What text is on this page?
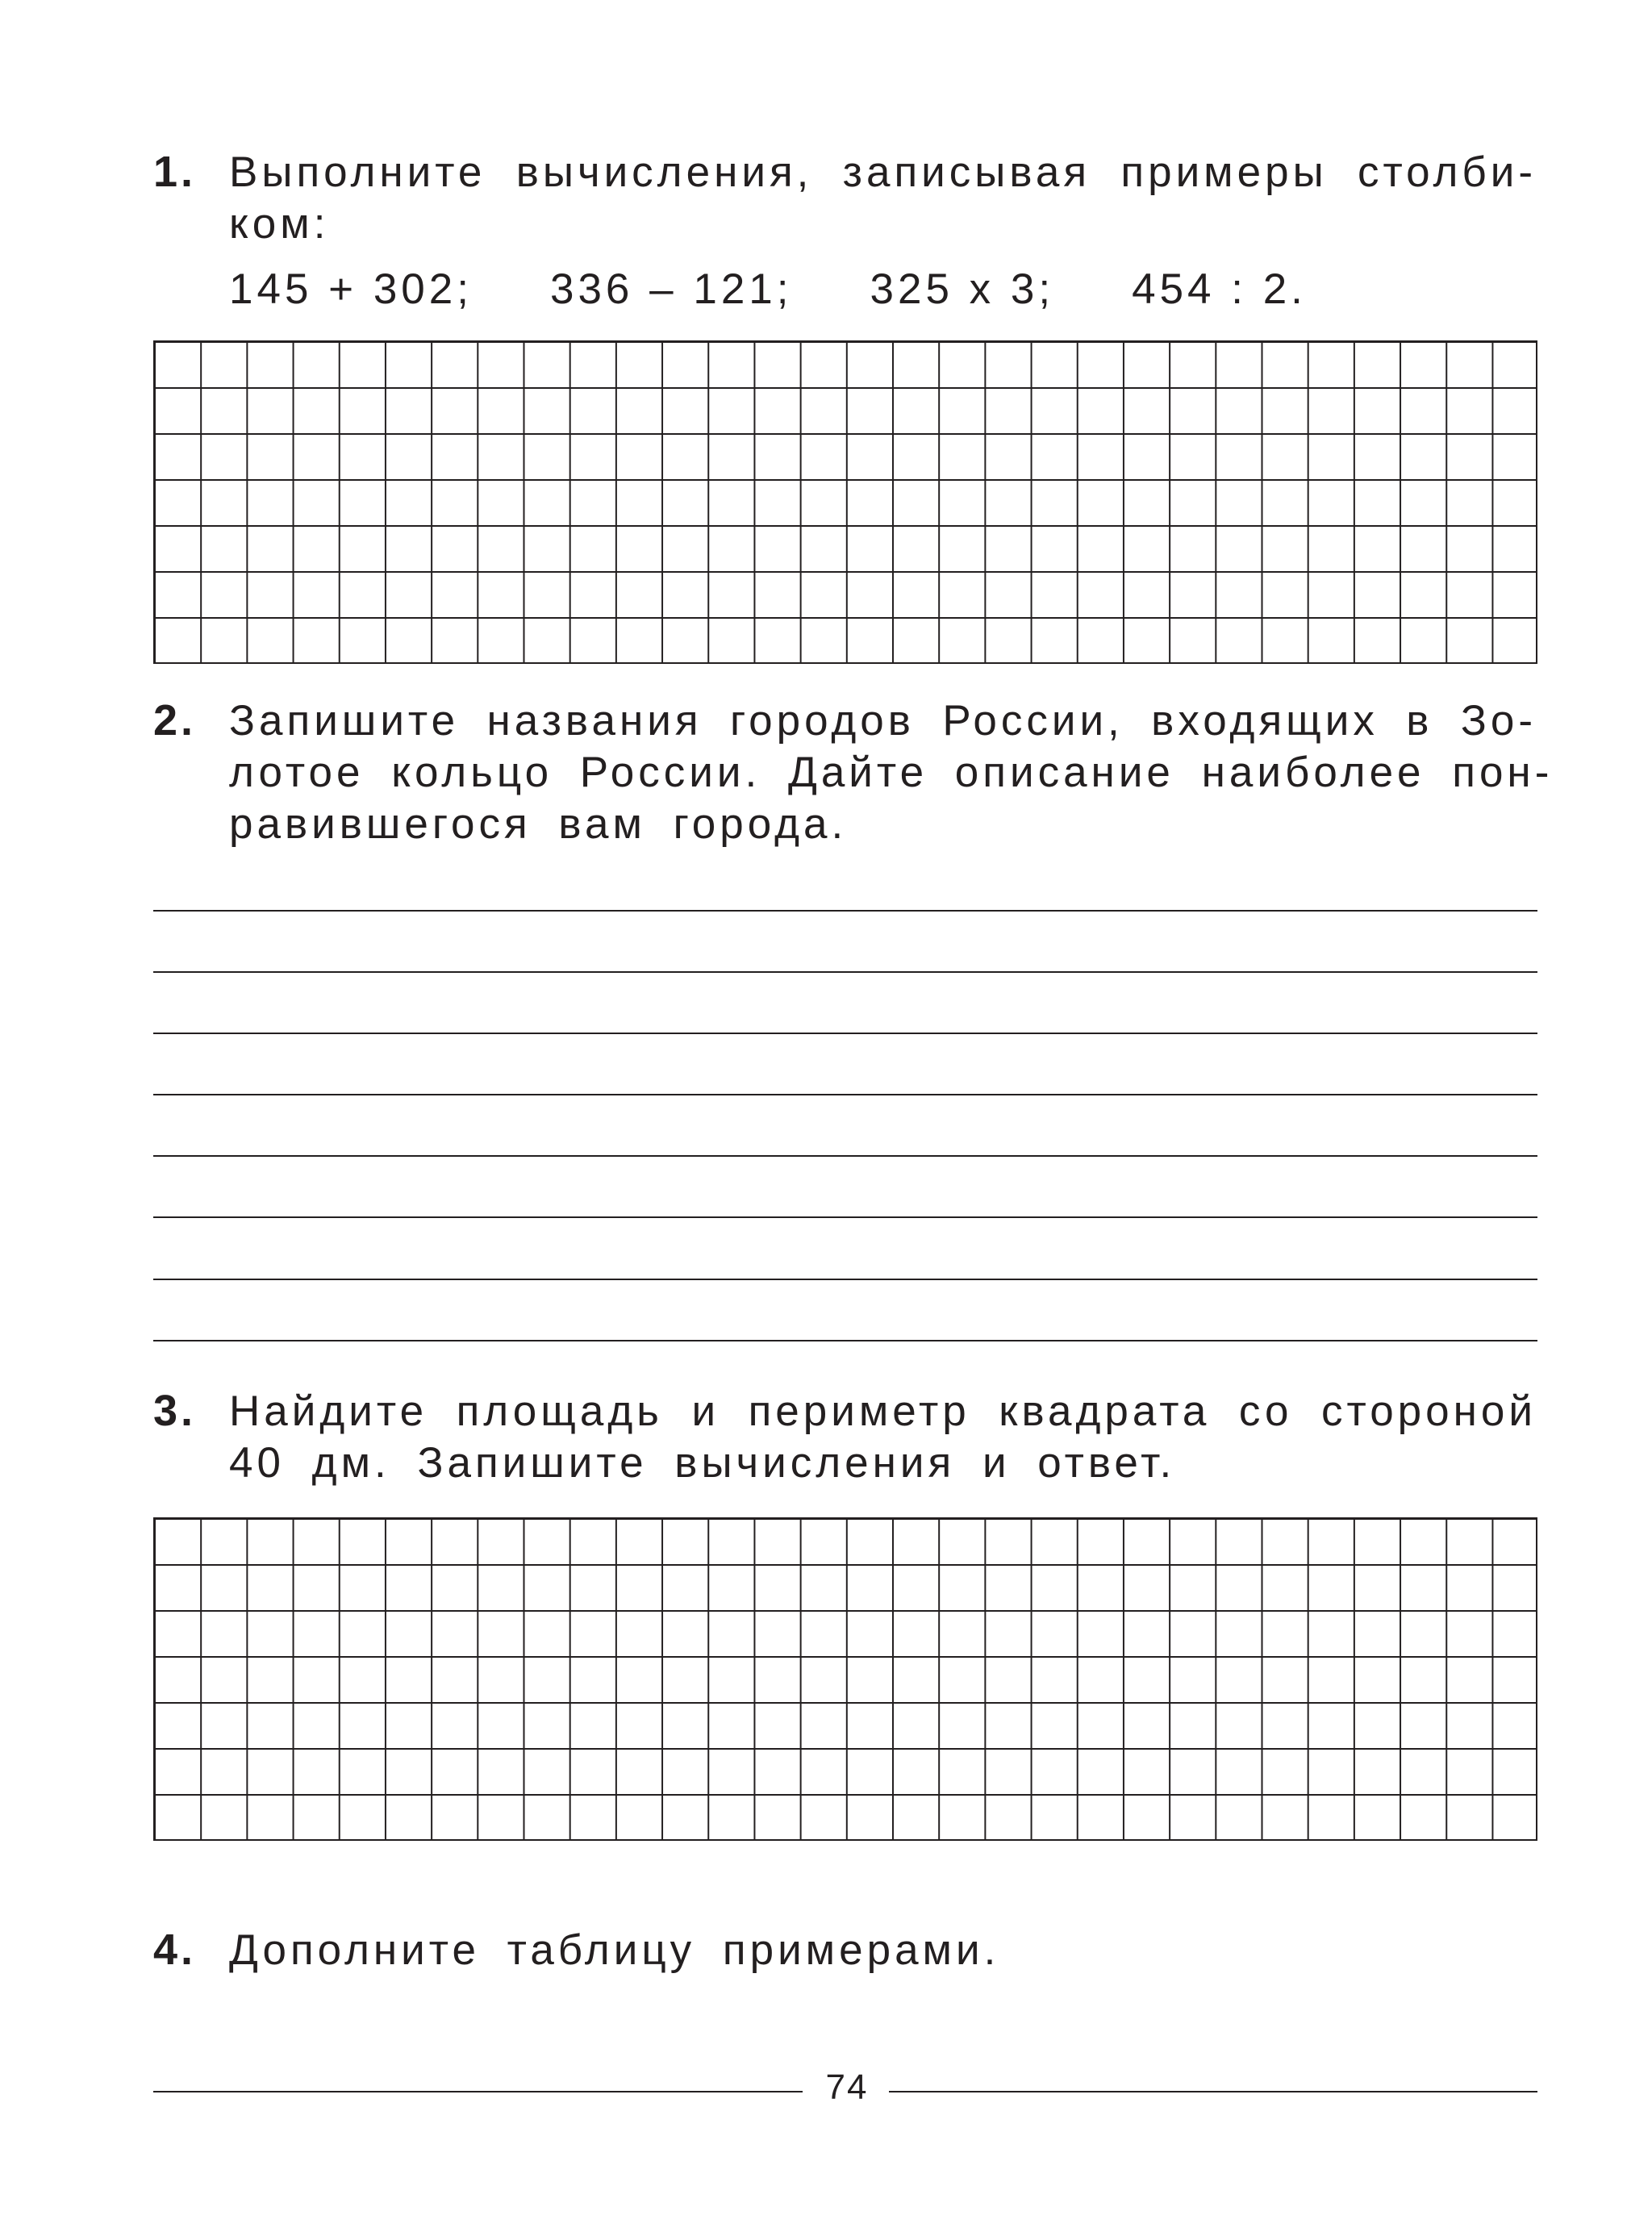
1. Выполните вычисления, записывая примеры столби-
ком:
145 + 302; 336 – 121; 325 х 3; 454 : 2.
2. Запишите названия городов России, входящих в Зо-
лотое кольцо России. Дайте описание наиболее пон-
равившегося вам города.
3. Найдите площадь и периметр квадрата со стороной
40 дм. Запишите вычисления и ответ.
4. Дополните таблицу примерами.
74
